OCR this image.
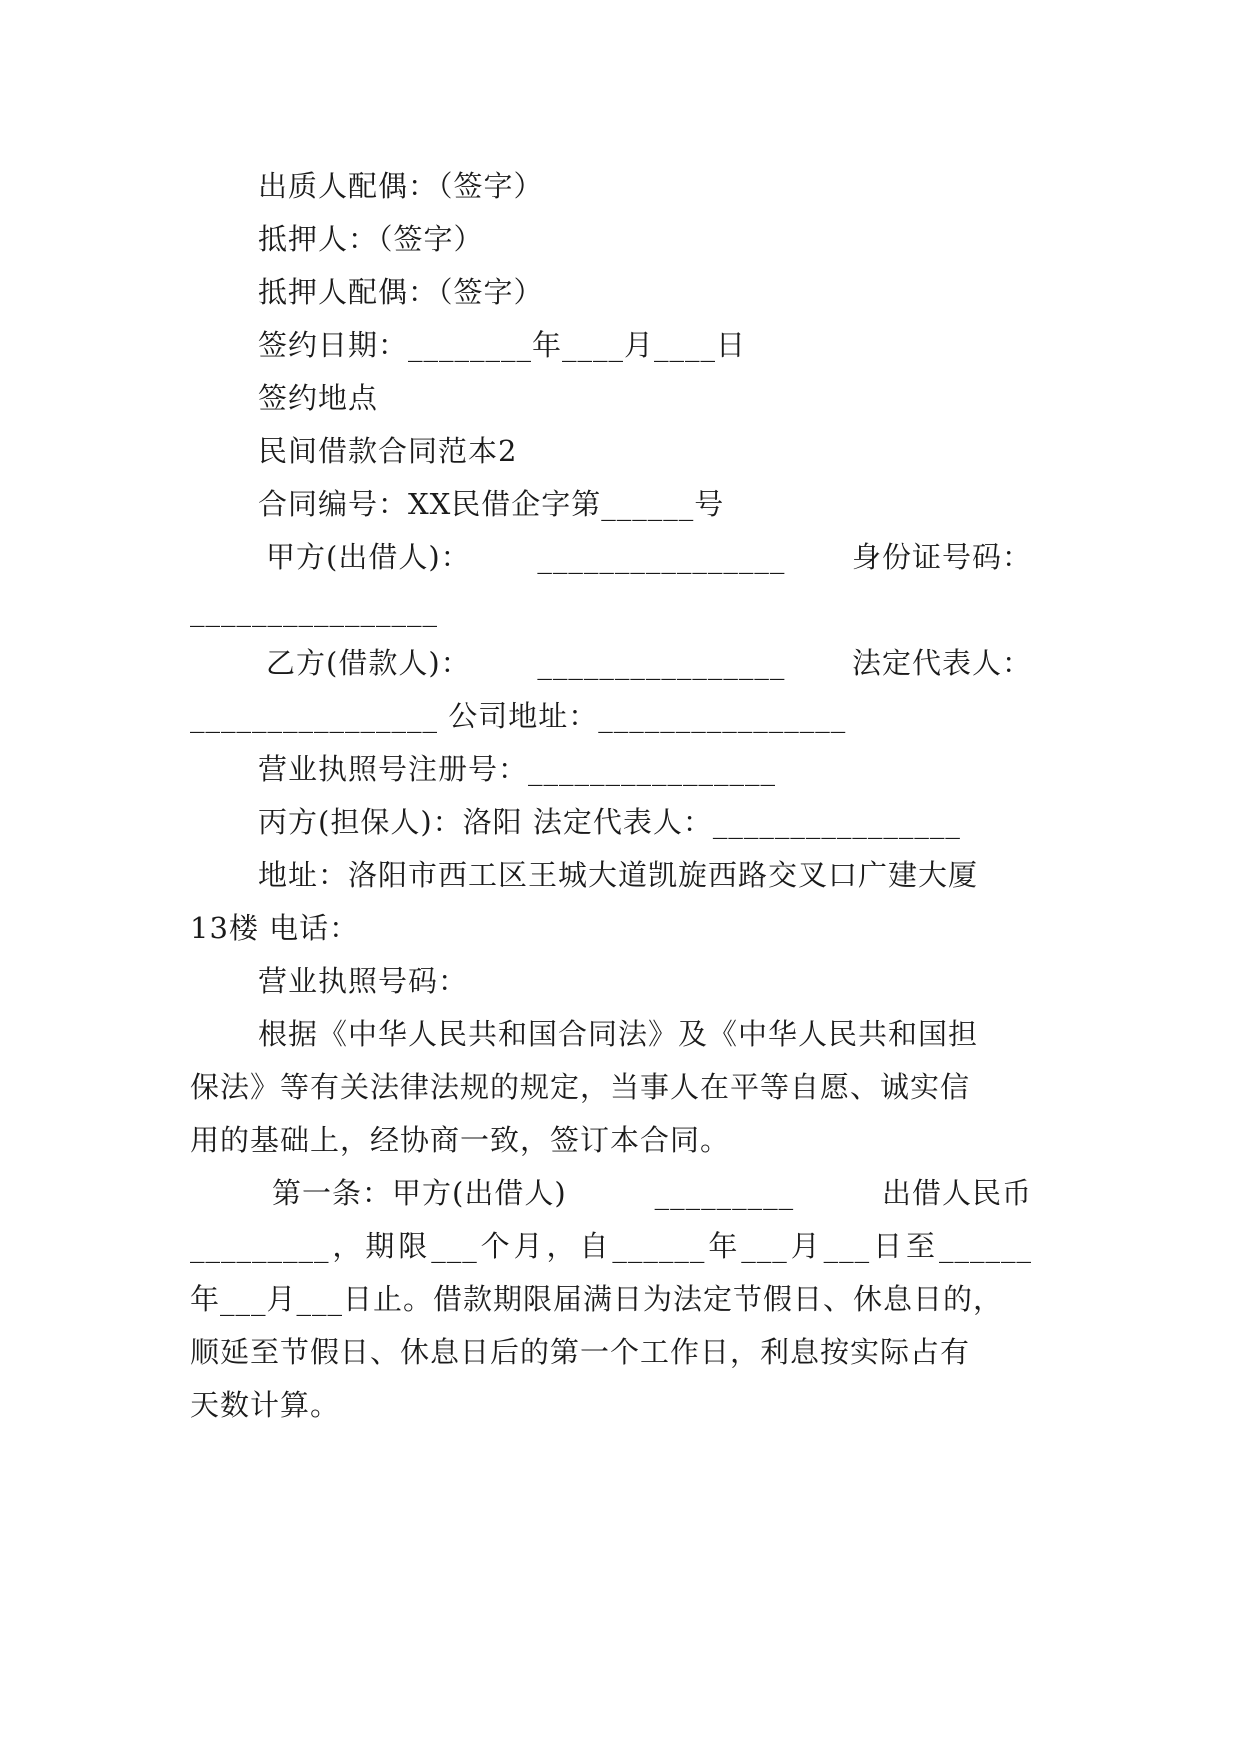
出质人配偶：（签字）
抵押人：（签字）
抵押人配偶：（签字）
签约日期：________年____月____日
签约地点
民间借款合同范本2
合同编号：XX民借企字第______号
甲方(出借人)： ________________ 身份证号码：
________________
乙方(借款人)： ________________ 法定代表人：
________________ 公司地址：________________
营业执照号注册号：________________
丙方(担保人)：洛阳 法定代表人：________________
地址：洛阳市西工区王城大道凯旋西路交叉口广建大厦
13楼 电话：
营业执照号码：
根据《中华人民共和国合同法》及《中华人民共和国担
保法》等有关法律法规的规定，当事人在平等自愿、诚实信
用的基础上，经协商一致，签订本合同。
第一条：甲方(出借人)	_________	出借人民币
_________，期限___个月，自______年___月___日至______
年___月___日止。借款期限届满日为法定节假日、休息日的，
顺延至节假日、休息日后的第一个工作日，利息按实际占有
天数计算。
